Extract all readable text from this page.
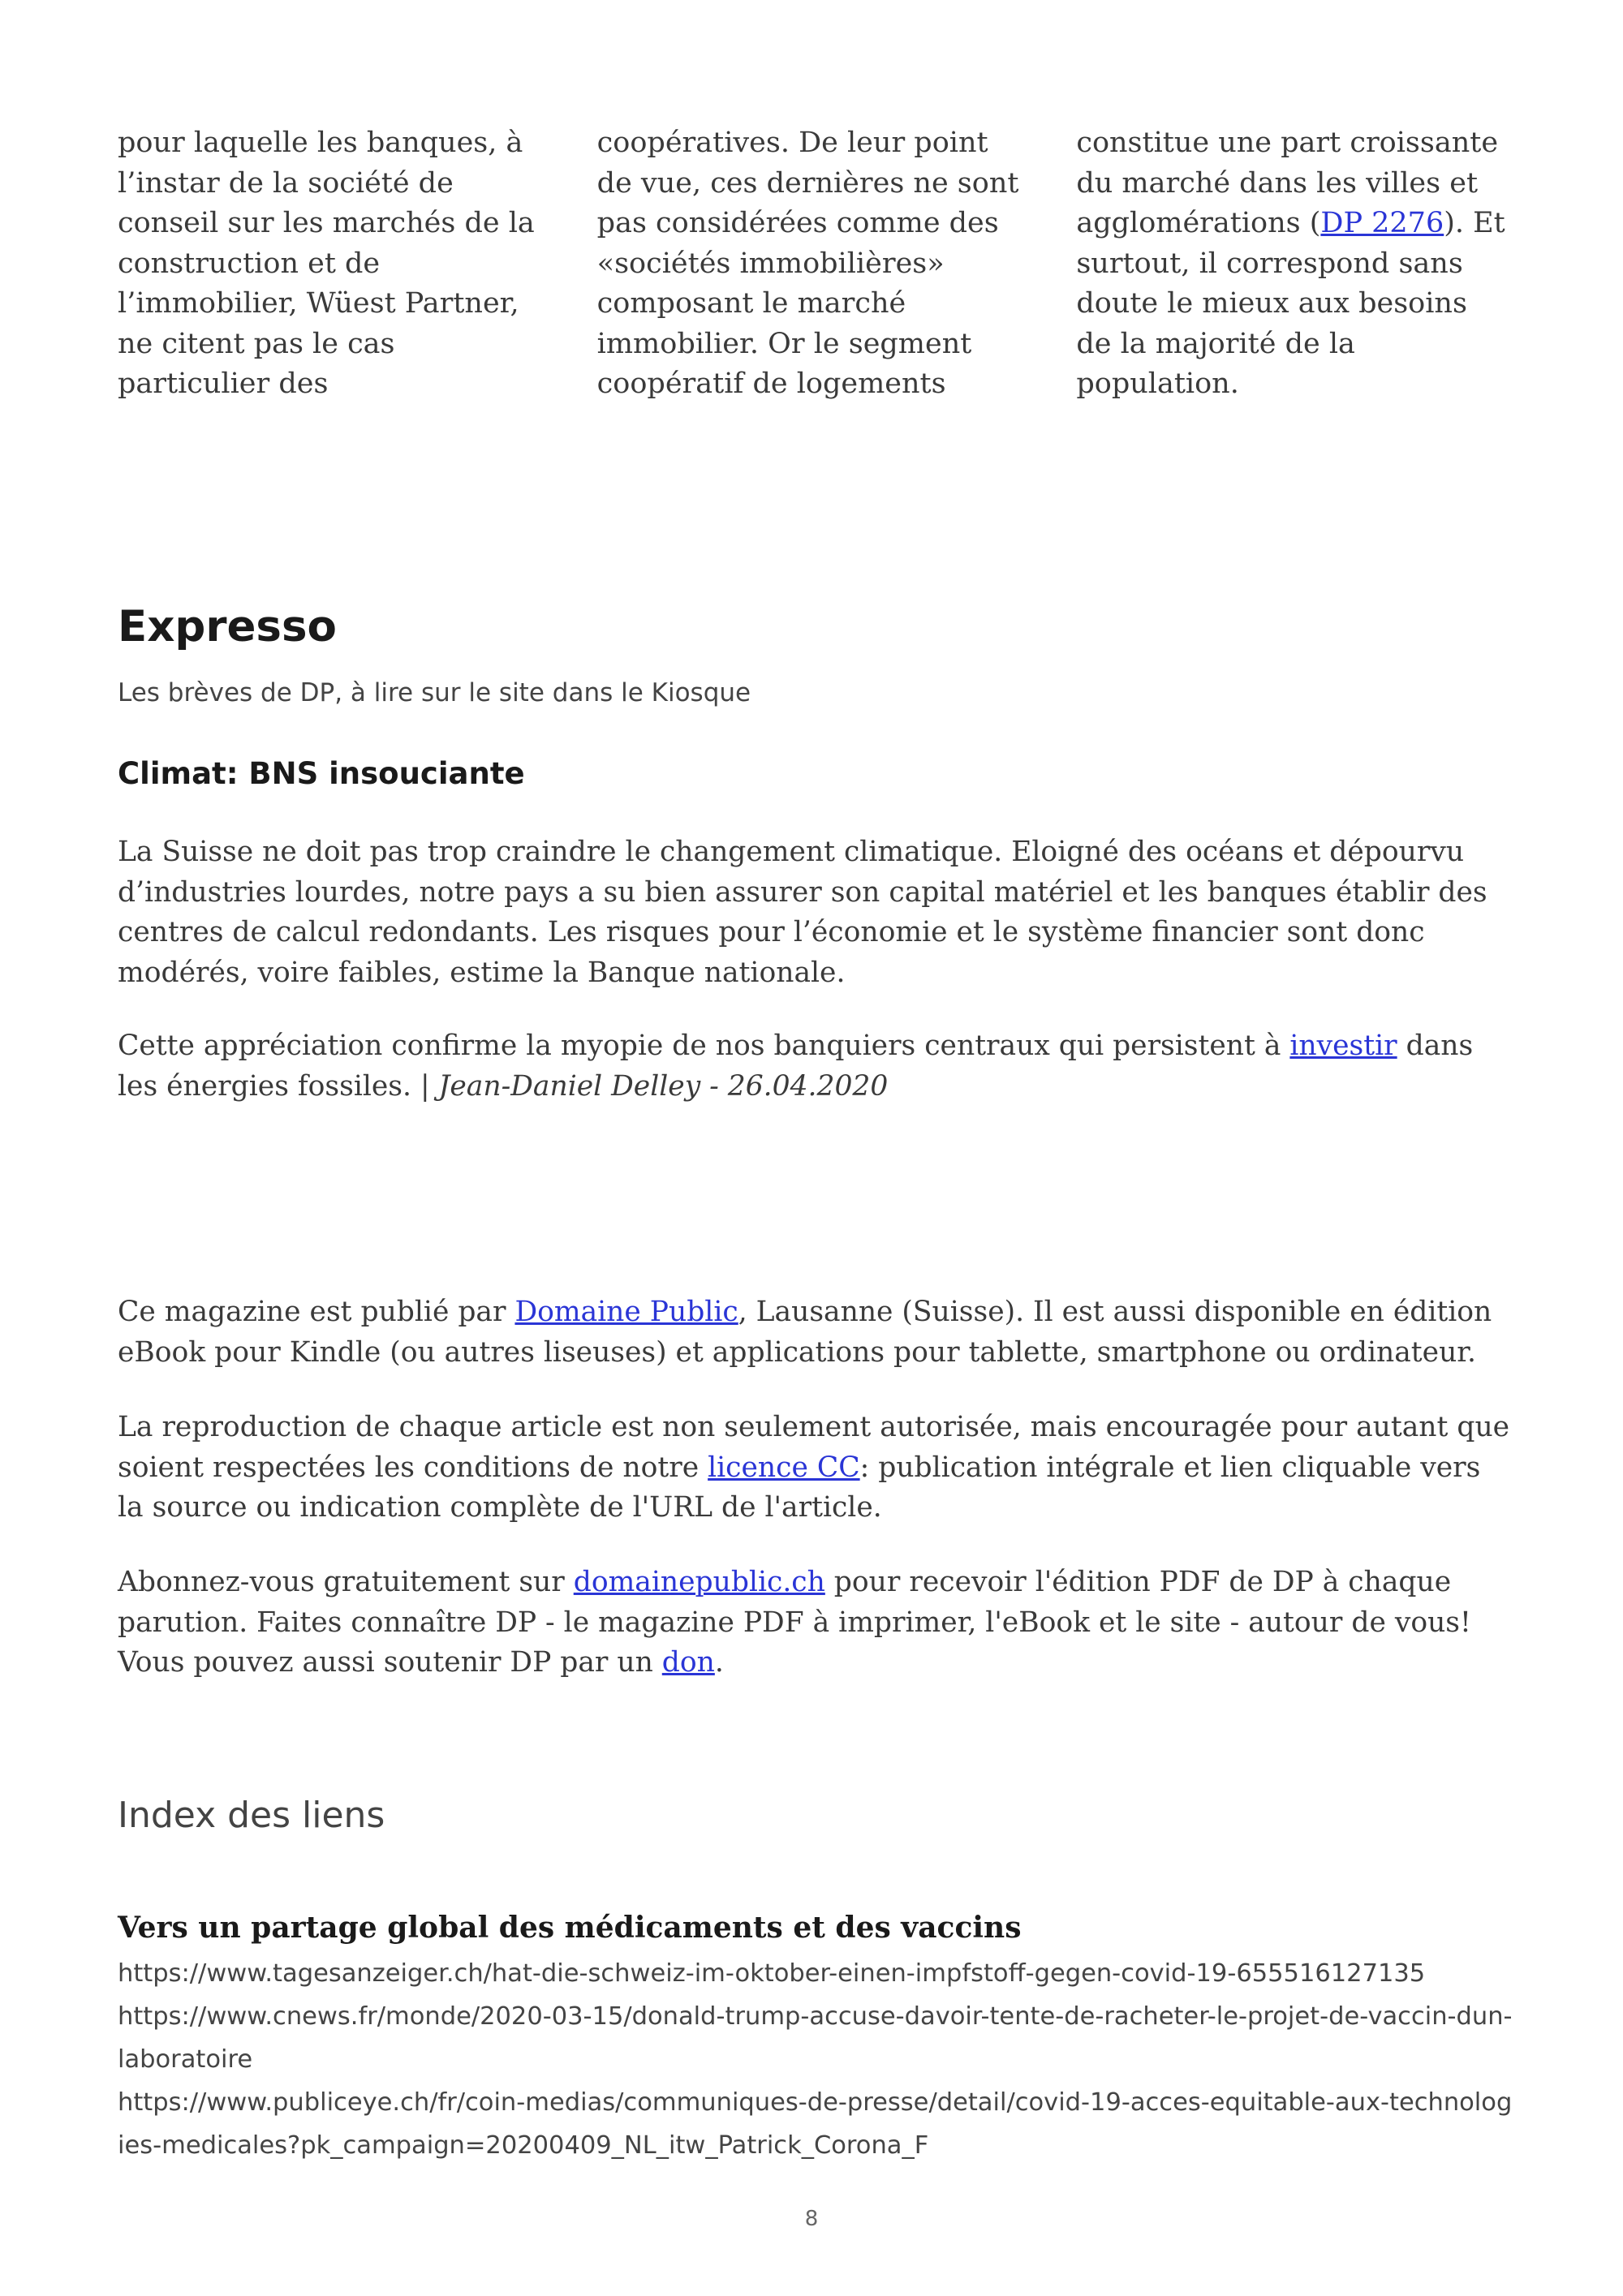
pour laquelle les banques, à l’instar de la société de conseil sur les marchés de la construction et de l’immobilier, Wüest Partner, ne citent pas le cas particulier des
coopératives. De leur point de vue, ces dernières ne sont pas considérées comme des «sociétés immobilières» composant le marché immobilier. Or le segment coopératif de logements
constitue une part croissante du marché dans les villes et agglomérations (DP 2276). Et surtout, il correspond sans doute le mieux aux besoins de la majorité de la population.
Expresso
Les brèves de DP, à lire sur le site dans le Kiosque
Climat: BNS insouciante

La Suisse ne doit pas trop craindre le changement climatique. Eloigné des océans et dépourvu d’industries lourdes, notre pays a su bien assurer son capital matériel et les banques établir des centres de calcul redondants. Les risques pour l’économie et le système financier sont donc modérés, voire faibles, estime la Banque nationale.

Cette appréciation confirme la myopie de nos banquiers centraux qui persistent à investir dans les énergies fossiles. | Jean-Daniel Delley - 26.04.2020

Ce magazine est publié par Domaine Public, Lausanne (Suisse). Il est aussi disponible en édition eBook pour Kindle (ou autres liseuses) et applications pour tablette, smartphone ou ordinateur.

La reproduction de chaque article est non seulement autorisée, mais encouragée pour autant que soient respectées les conditions de notre licence CC: publication intégrale et lien cliquable vers la source ou indication complète de l'URL de l'article.

Abonnez-vous gratuitement sur domainepublic.ch pour recevoir l'édition PDF de DP à chaque parution. Faites connaître DP - le magazine PDF à imprimer, l'eBook et le site - autour de vous! Vous pouvez aussi soutenir DP par un don.

Index des liens
Vers un partage global des médicaments et des vaccins
https://www.tagesanzeiger.ch/hat-die-schweiz-im-oktober-einen-impfstoff-gegen-covid-19-655516127135
https://www.cnews.fr/monde/2020-03-15/donald-trump-accuse-davoir-tente-de-racheter-le-projet-de-vaccin-dun-laboratoire
https://www.publiceye.ch/fr/coin-medias/communiques-de-presse/detail/covid-19-acces-equitable-aux-technologies-medicales?pk_campaign=20200409_NL_itw_Patrick_Corona_F
8
